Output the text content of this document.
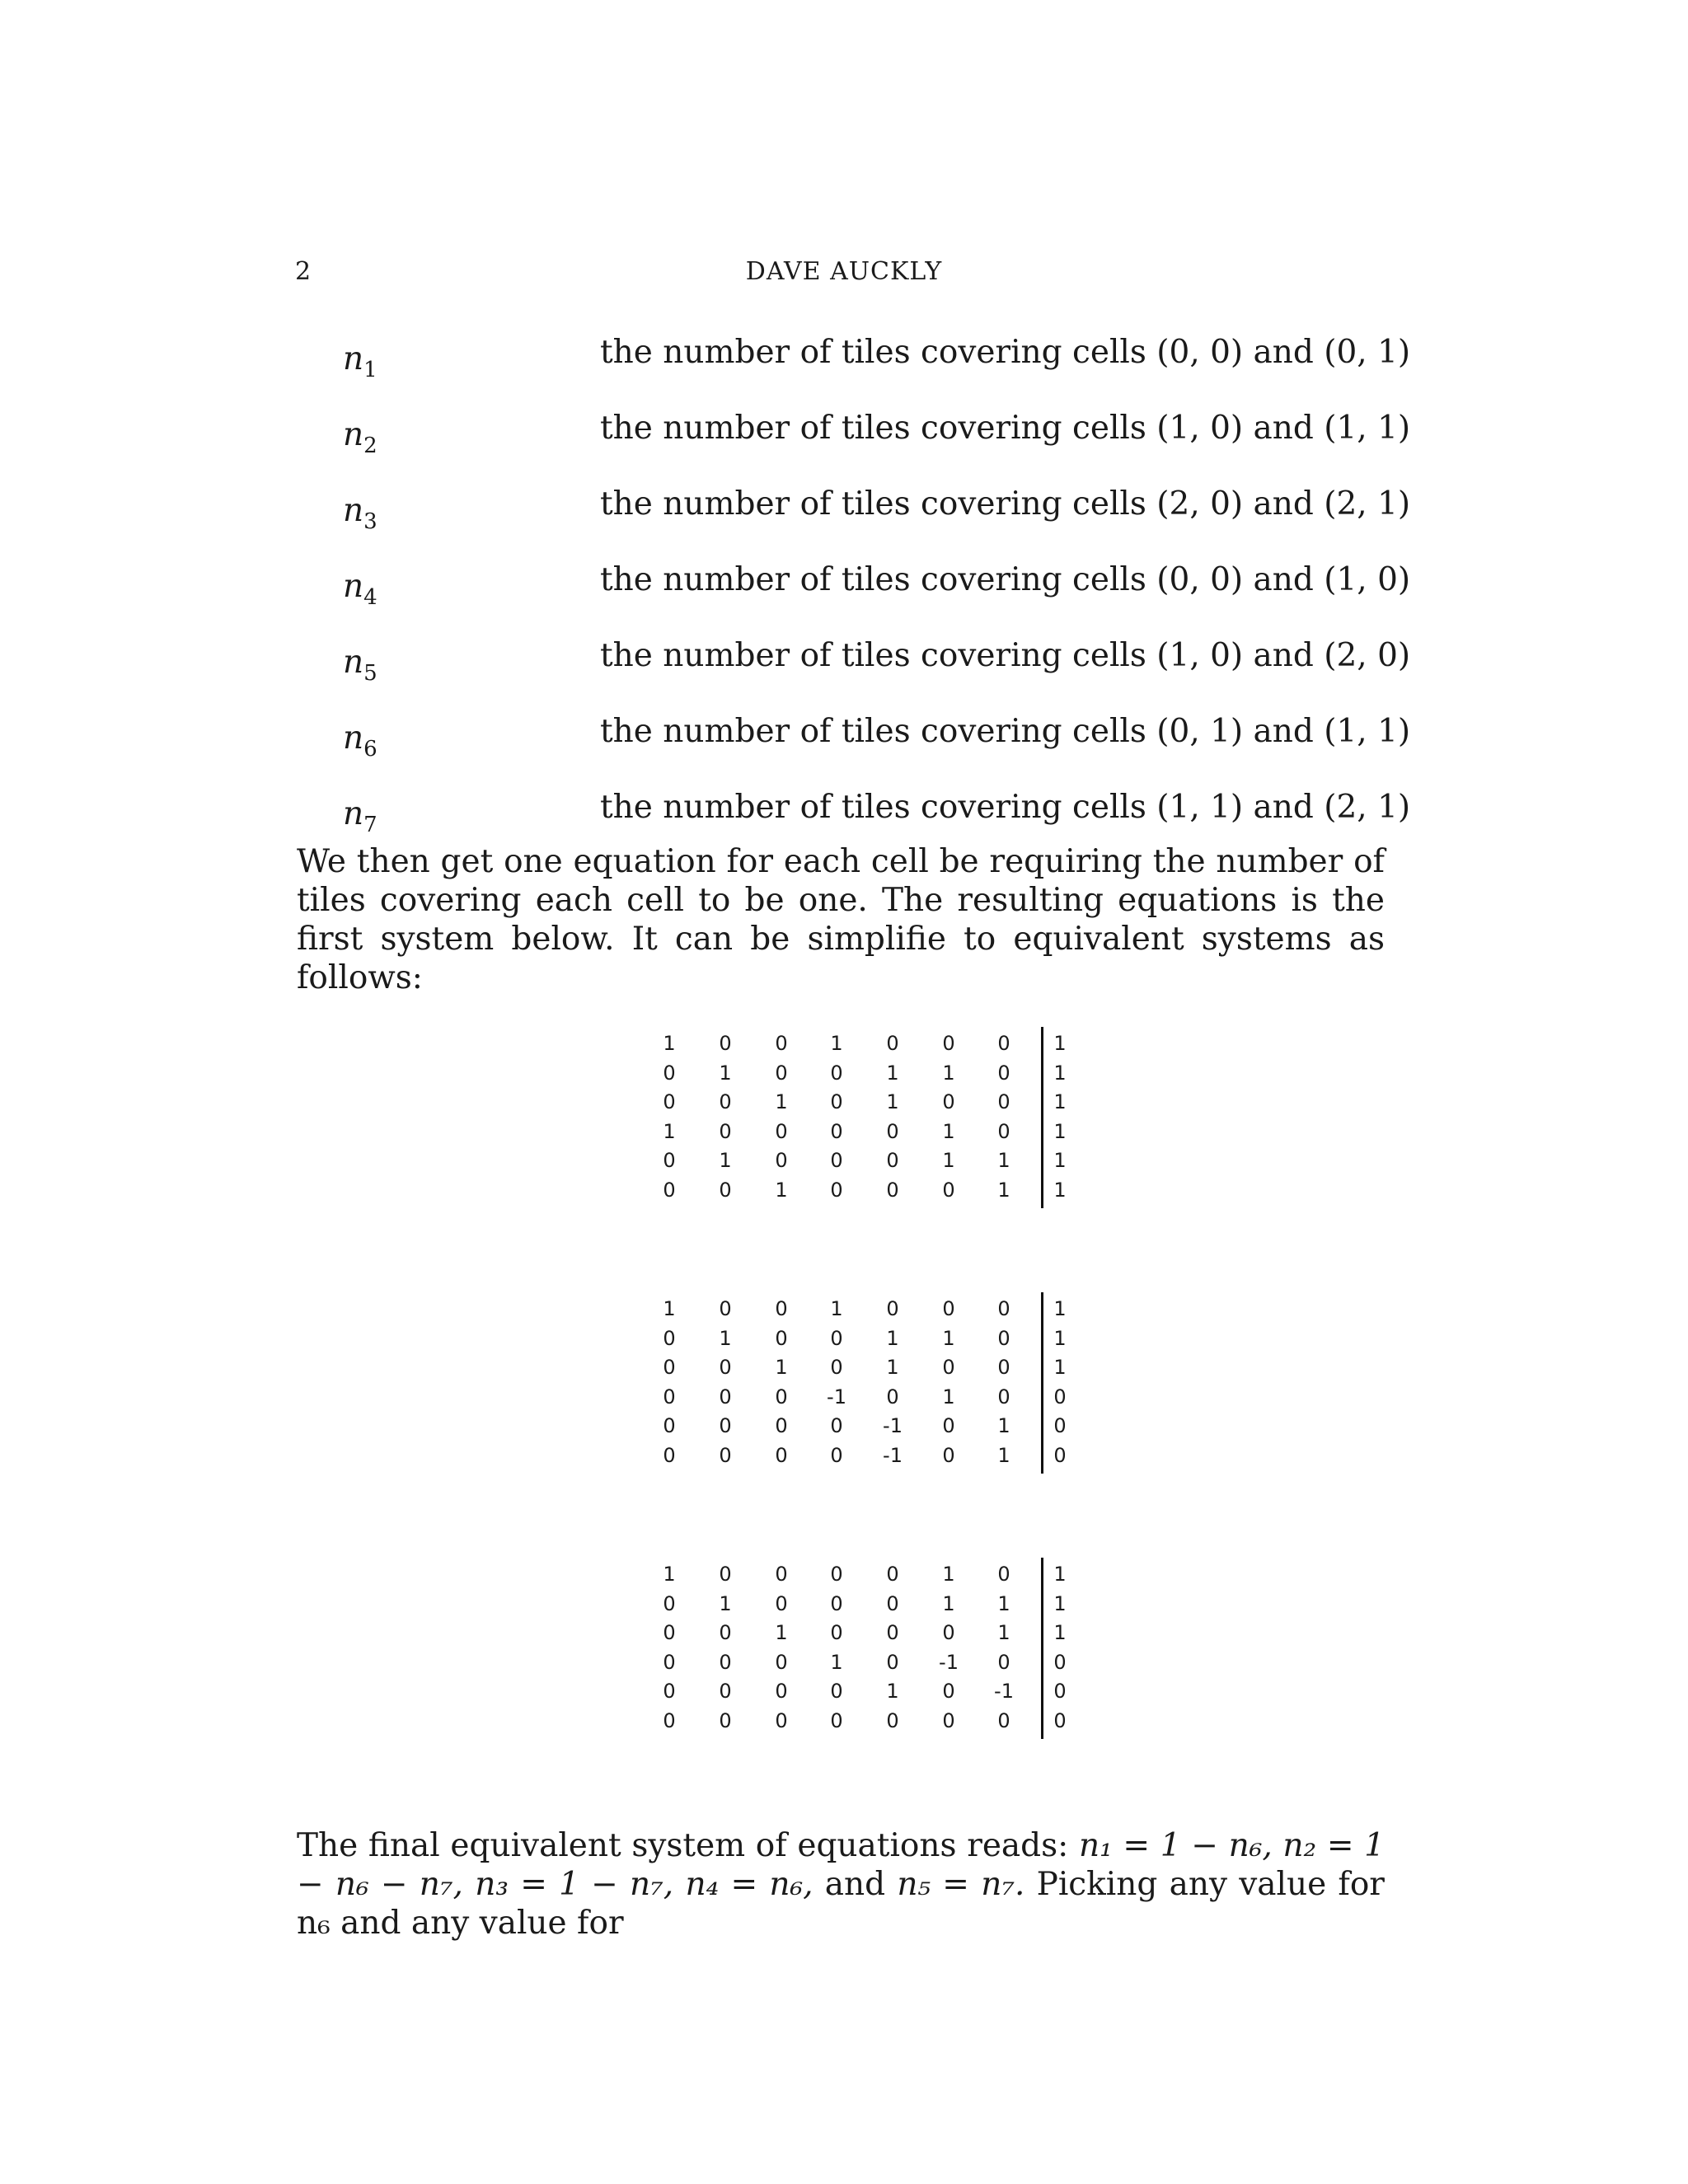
2	DAVE AUCKLY
$n_1$	the number of tiles covering cells (0, 0) and (0, 1)
$n_2$	the number of tiles covering cells (1, 0) and (1, 1)
$n_3$	the number of tiles covering cells (2, 0) and (2, 1)
$n_4$	the number of tiles covering cells (0, 0) and (1, 0)
$n_5$	the number of tiles covering cells (1, 0) and (2, 0)
$n_6$	the number of tiles covering cells (0, 1) and (1, 1)
$n_7$	the number of tiles covering cells (1, 1) and (2, 1)
We then get one equation for each cell be requiring the number of tiles covering each cell to be one. The resulting equations is the first system below. It can be simplifie to equivalent systems as follows:
1	0	0	1	0	0	0	1
0	1	0	0	1	1	0	1
0	0	1	0	1	0	0	1
1	0	0	0	0	1	0	1
0	1	0	0	0	1	1	1
0	0	1	0	0	0	1	1
1	0	0	1	0	0	0	1
0	1	0	0	1	1	0	1
0	0	1	0	1	0	0	1
0	0	0	-1	0	1	0	0
0	0	0	0	-1	0	1	0
0	0	0	0	-1	0	1	0
1	0	0	0	0	1	0	1
0	1	0	0	0	1	1	1
0	0	1	0	0	0	1	1
0	0	0	1	0	-1	0	0
0	0	0	0	1	0	-1	0
0	0	0	0	0	0	0	0
The final equivalent system of equations reads: n₁ = 1 − n₆, n₂ = 1 − n₆ − n₇, n₃ = 1 − n₇, n₄ = n₆, and n₅ = n₇. Picking any value for n₆ and any value for
